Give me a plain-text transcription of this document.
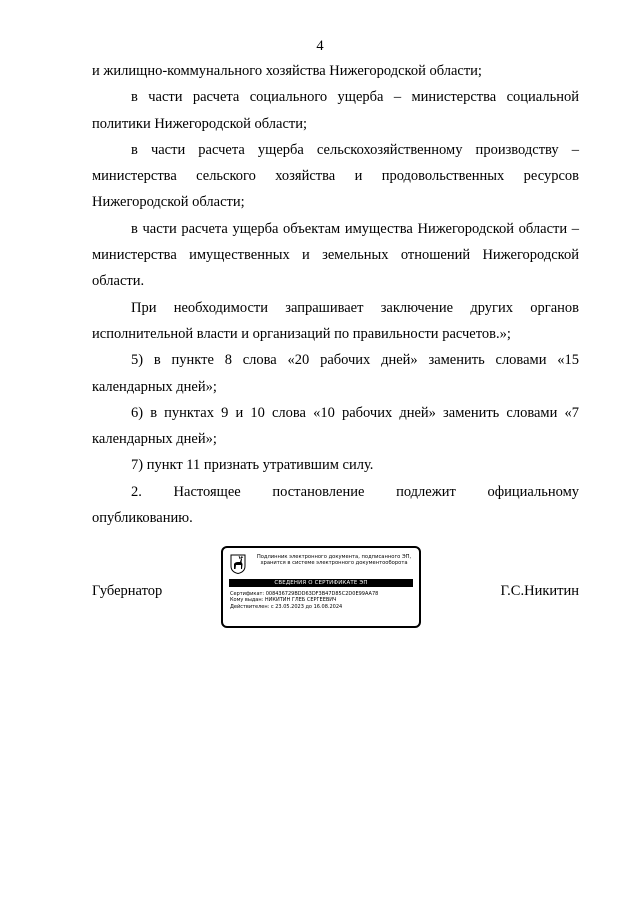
4

и жилищно-коммунального хозяйства Нижегородской области;

в части расчета социального ущерба – министерства социальной политики Нижегородской области;

в части расчета ущерба сельскохозяйственному производству – министерства сельского хозяйства и продовольственных ресурсов Нижегородской области;

в части расчета ущерба объектам имущества Нижегородской области – министерства имущественных и земельных отношений Нижегородской области.

При необходимости запрашивает заключение других органов исполнительной власти и организаций по правильности расчетов.»;

5) в пункте 8 слова «20 рабочих дней» заменить словами «15 календарных дней»;

6) в пунктах 9 и 10 слова «10 рабочих дней» заменить словами «7 календарных дней»;

7) пункт 11 признать утратившим силу.

2. Настоящее постановление подлежит официальному

опубликованию.

Губернатор
Подлинник электронного документа, подписанного ЭП, хранится в системе электронного документооборота
СВЕДЕНИЯ О СЕРТИФИКАТЕ ЭП
Сертификат: 008436729BDD63DF3B47D85C2D0E99AA78
Кому выдан: НИКИТИН ГЛЕБ СЕРГЕЕВИЧ
Действителен: с 23.05.2023 до 16.08.2024
Г.С.Никитин
